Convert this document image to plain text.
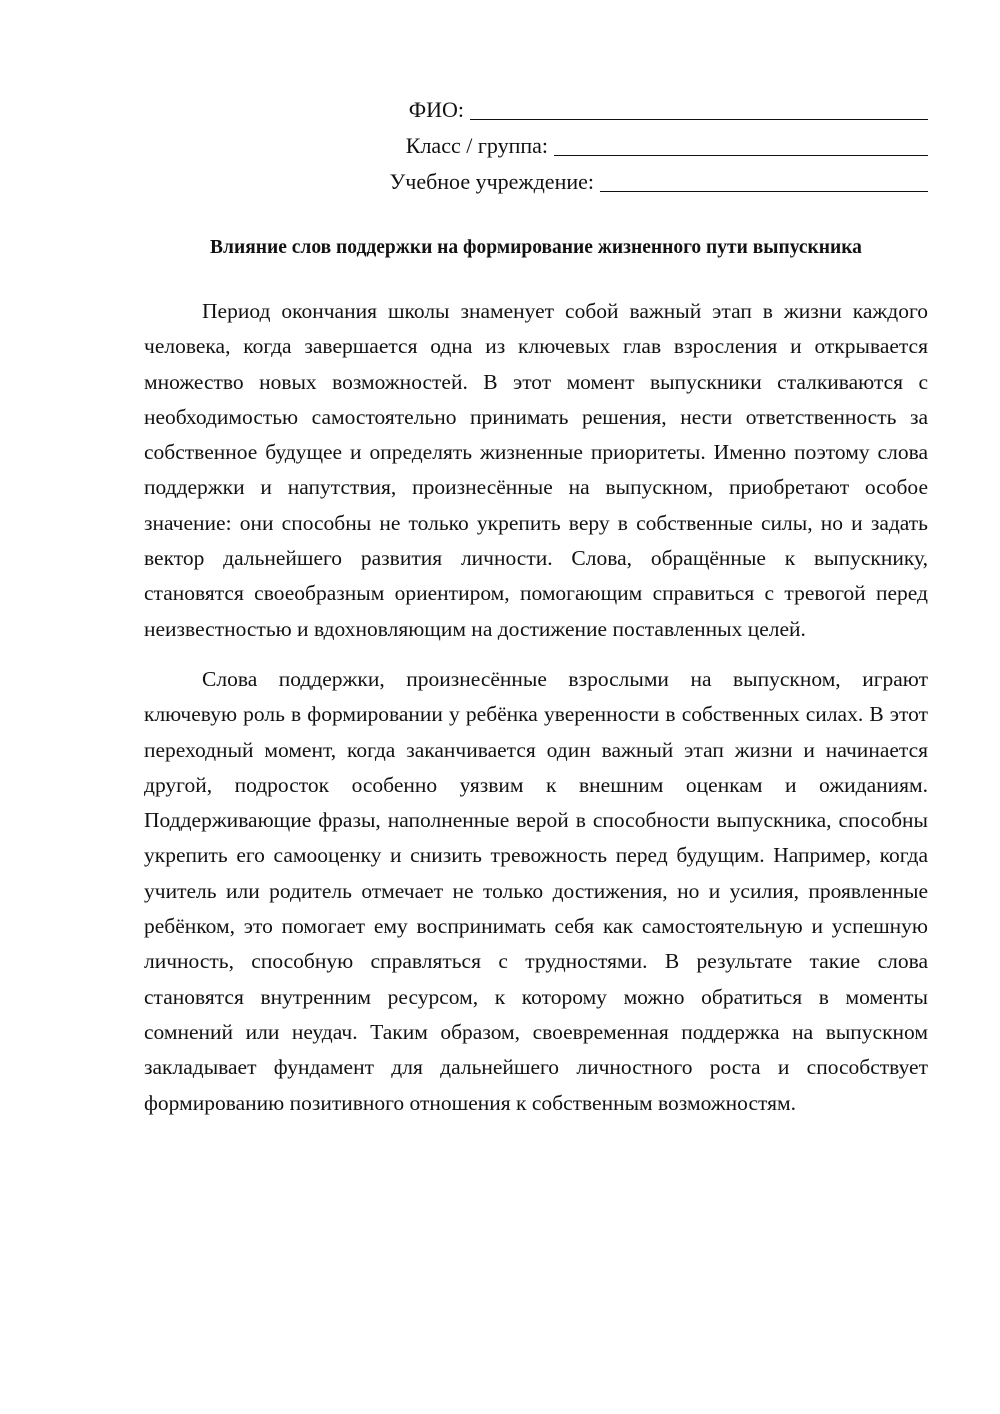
ФИО:
Класс / группа:
Учебное учреждение:
Влияние слов поддержки на формирование жизненного пути выпускника

Период окончания школы знаменует собой важный этап в жизни каждого человека, когда завершается одна из ключевых глав взросления и открывается множество новых возможностей. В этот момент выпускники сталкиваются с необходимостью самостоятельно принимать решения, нести ответственность за собственное будущее и определять жизненные приоритеты. Именно поэтому слова поддержки и напутствия, произнесённые на выпускном, приобретают особое значение: они способны не только укрепить веру в собственные силы, но и задать вектор дальнейшего развития личности. Слова, обращённые к выпускнику, становятся своеобразным ориентиром, помогающим справиться с тревогой перед неизвестностью и вдохновляющим на достижение поставленных целей.

Слова поддержки, произнесённые взрослыми на выпускном, играют ключевую роль в формировании у ребёнка уверенности в собственных силах. В этот переходный момент, когда заканчивается один важный этап жизни и начинается другой, подросток особенно уязвим к внешним оценкам и ожиданиям. Поддерживающие фразы, наполненные верой в способности выпускника, способны укрепить его самооценку и снизить тревожность перед будущим. Например, когда учитель или родитель отмечает не только достижения, но и усилия, проявленные ребёнком, это помогает ему воспринимать себя как самостоятельную и успешную личность, способную справляться с трудностями. В результате такие слова становятся внутренним ресурсом, к которому можно обратиться в моменты сомнений или неудач. Таким образом, своевременная поддержка на выпускном закладывает фундамент для дальнейшего личностного роста и способствует формированию позитивного отношения к собственным возможностям.
